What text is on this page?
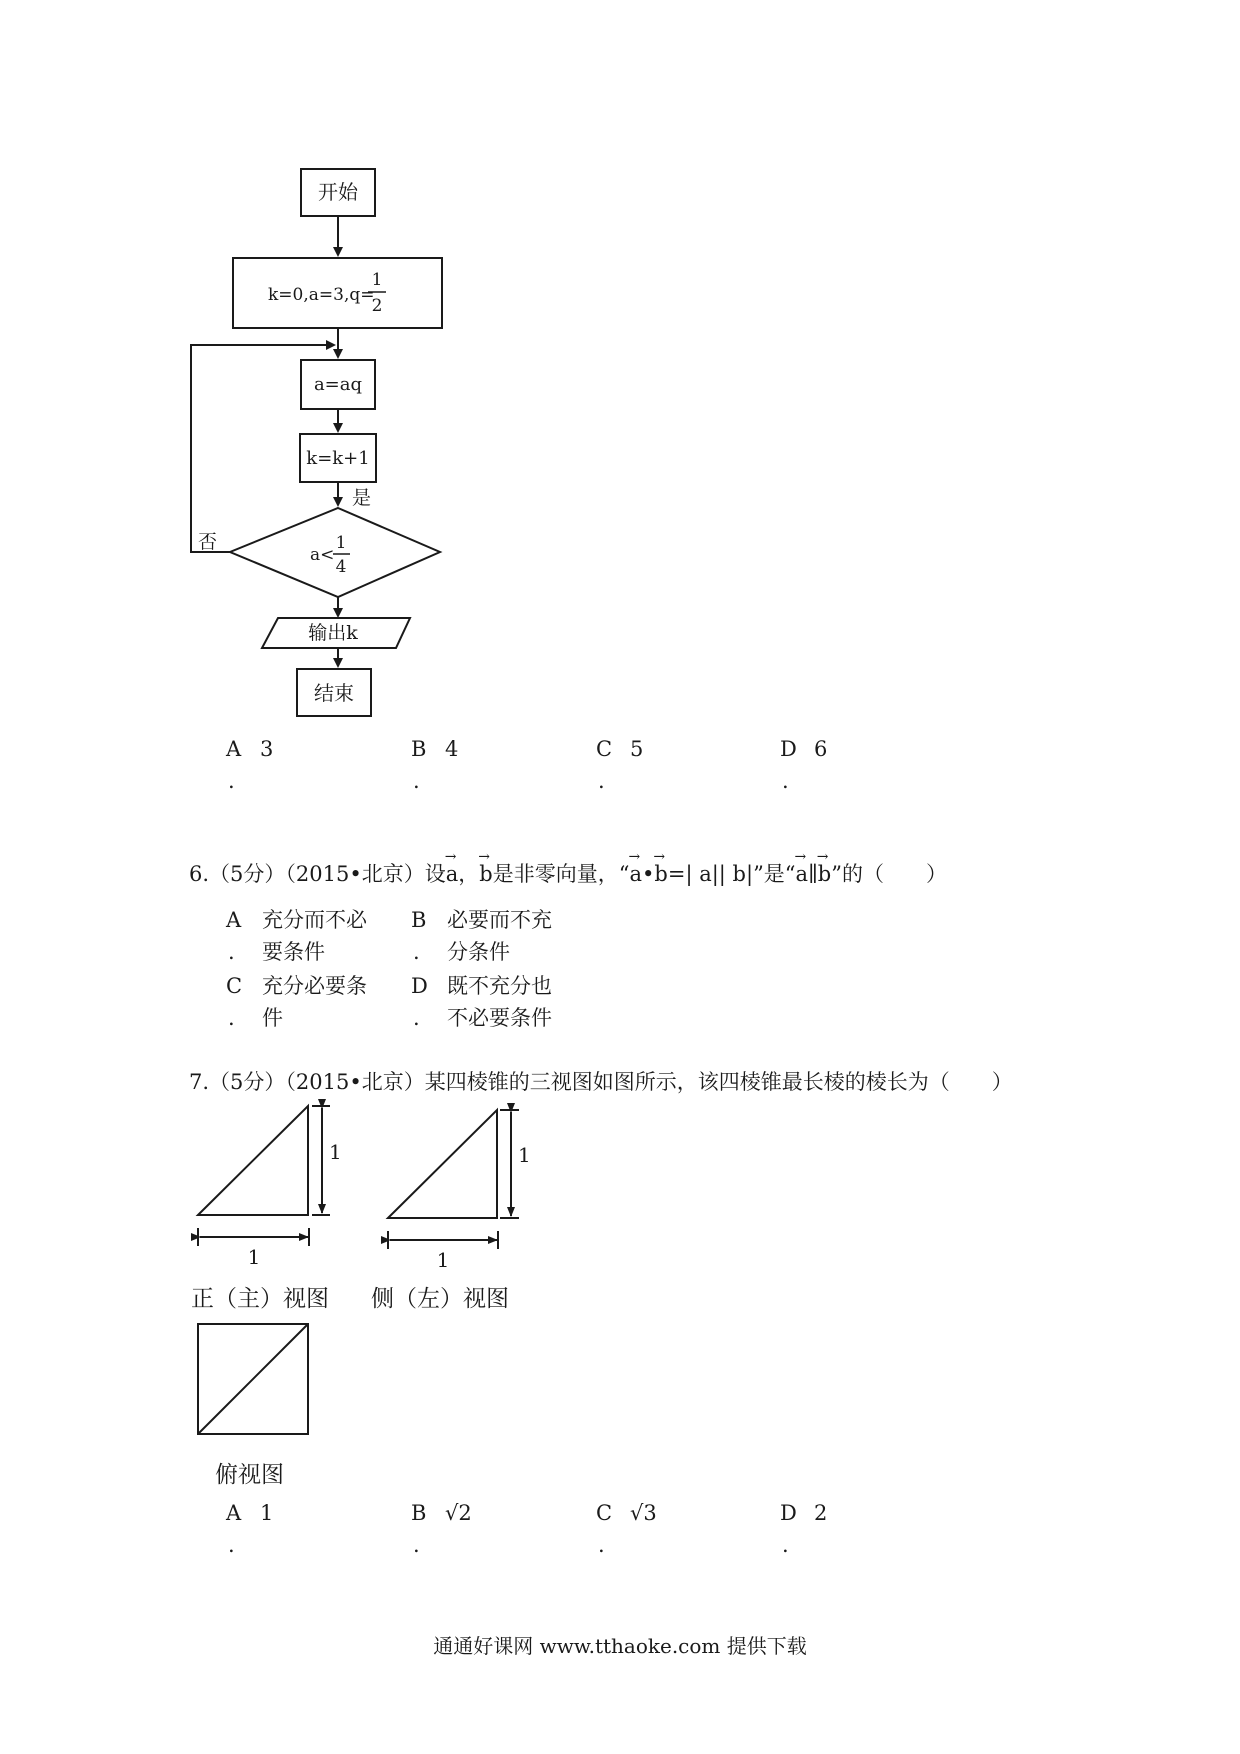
开始
k=0,a=3,q=
1
2
a=aq
k=k+1
是
否
a<
1
4
输出k
结束
A 3
.
B 4
.
C 5
.
D 6
.
6.（5分）（2015•北京）设→ a，→ b是非零向量，“→ a•→ b=| a|| b|”是“→ a∥→ b”的（　　）
A
.
充分而不必要条件
B
.
必要而不充分条件
C
.
充分必要条件
D
.
既不充分也不必要条件
7.（5分）（2015•北京）某四棱锥的三视图如图所示，该四棱锥最长棱的棱长为（　　）
1
1
1
1
正（主）视图 侧（左）视图
俯视图
A 1
.
B √2
.
C √3
.
D 2
.
通通好课网 www.tthaoke.com 提供下载
